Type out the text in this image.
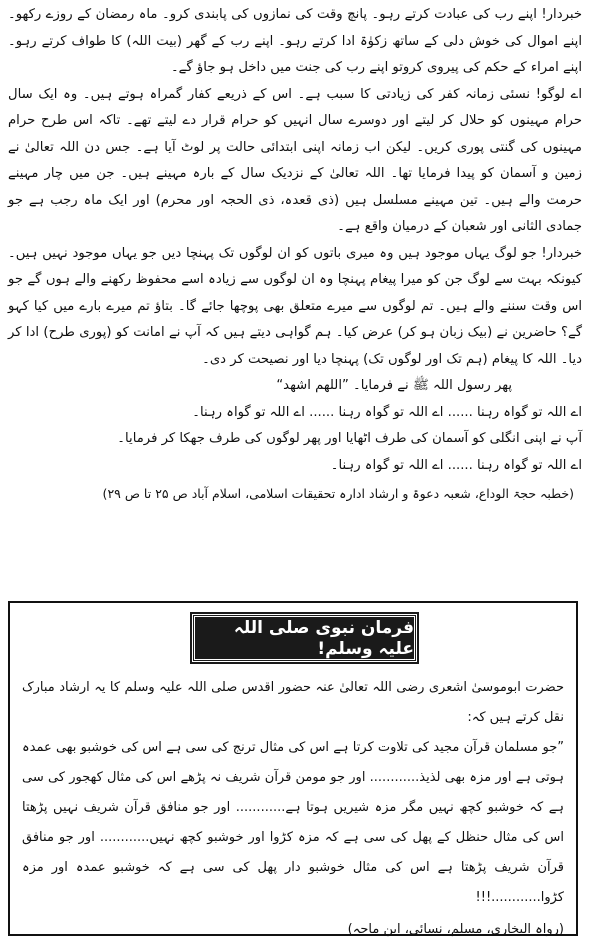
خبردار! اپنے رب کی عبادت کرتے رہو۔ پانچ وقت کی نمازوں کی پابندی کرو۔ ماہ رمضان کے روزے رکھو۔ اپنے اموال کی خوش دلی کے ساتھ زکوٰۃ ادا کرتے رہو۔ اپنے رب کے گھر (بیت اللہ) کا طواف کرتے رہو۔ اپنے امراء کے حکم کی پیروی کروتو اپنے رب کی جنت میں داخل ہو جاؤ گے۔

اے لوگو! نسئی زمانہ کفر کی زیادتی کا سبب ہے۔ اس کے ذریعے کفار گمراہ ہوتے ہیں۔ وہ ایک سال حرام مہینوں کو حلال کر لیتے اور دوسرے سال انہیں کو حرام قرار دے لیتے تھے۔ تاکہ اس طرح حرام مہینوں کی گنتی پوری کریں۔ لیکن اب زمانہ اپنی ابتدائی حالت پر لوٹ آیا ہے۔ جس دن اللہ تعالیٰ نے زمین و آسمان کو پیدا فرمایا تھا۔ اللہ تعالیٰ کے نزدیک سال کے بارہ مہینے ہیں۔ جن میں چار مہینے حرمت والے ہیں۔ تین مہینے مسلسل ہیں (ذی قعدہ، ذی الحجہ اور محرم) اور ایک ماہ رجب ہے جو جمادی الثانی اور شعبان کے درمیان واقع ہے۔

خبردار! جو لوگ یہاں موجود ہیں وہ میری باتوں کو ان لوگوں تک پہنچا دیں جو یہاں موجود نہیں ہیں۔ کیونکہ بہت سے لوگ جن کو میرا پیغام پہنچا وہ ان لوگوں سے زیادہ اسے محفوظ رکھنے والے ہوں گے جو اس وقت سننے والے ہیں۔ تم لوگوں سے میرے متعلق بھی پوچھا جائے گا۔ بتاؤ تم میرے بارے میں کیا کہو گے؟ حاضرین نے (بیک زبان ہو کر) عرض کیا۔ ہم گواہی دیتے ہیں کہ آپ نے امانت کو (پوری طرح) ادا کر دیا۔ اللہ کا پیغام (ہم تک اور لوگوں تک) پہنچا دیا اور نصیحت کر دی۔

پھر رسول اللہ ﷺ نے فرمایا۔ ”اللھم اشھد“

اے اللہ تو گواہ رہنا ...... اے اللہ تو گواہ رہنا ...... اے اللہ تو گواہ رہنا۔

آپ نے اپنی انگلی کو آسمان کی طرف اٹھایا اور پھر لوگوں کی طرف جھکا کر فرمایا۔

اے اللہ تو گواہ رہنا ...... اے اللہ تو گواہ رہنا۔

(خطبہ حجۃ الوداع، شعبہ دعوۃ و ارشاد ادارہ تحقیقات اسلامی، اسلام آباد ص ۲۵ تا ص ۲۹)

فرمان نبوی صلی اللہ علیہ وسلم!

حضرت ابوموسیٰ اشعری رضی اللہ تعالیٰ عنہ حضور اقدس صلی اللہ علیہ وسلم کا یہ ارشاد مبارک نقل کرتے ہیں کہ:

”جو مسلمان قرآن مجید کی تلاوت کرتا ہے اس کی مثال ترنج کی سی ہے اس کی خوشبو بھی عمدہ ہوتی ہے اور مزہ بھی لذیذ............ اور جو مومن قرآن شریف نہ پڑھے اس کی مثال کھجور کی سی ہے کہ خوشبو کچھ نہیں مگر مزہ شیریں ہوتا ہے............ اور جو منافق قرآن شریف نہیں پڑھتا اس کی مثال حنظل کے پھل کی سی ہے کہ مزہ کڑوا اور خوشبو کچھ نہیں............ اور جو منافق قرآن شریف پڑھتا ہے اس کی مثال خوشبو دار پھل کی سی ہے کہ خوشبو عمدہ اور مزہ کڑوا............!!!

(رواہ البخاری، مسلم، نسائی، ابن ماجہ)
